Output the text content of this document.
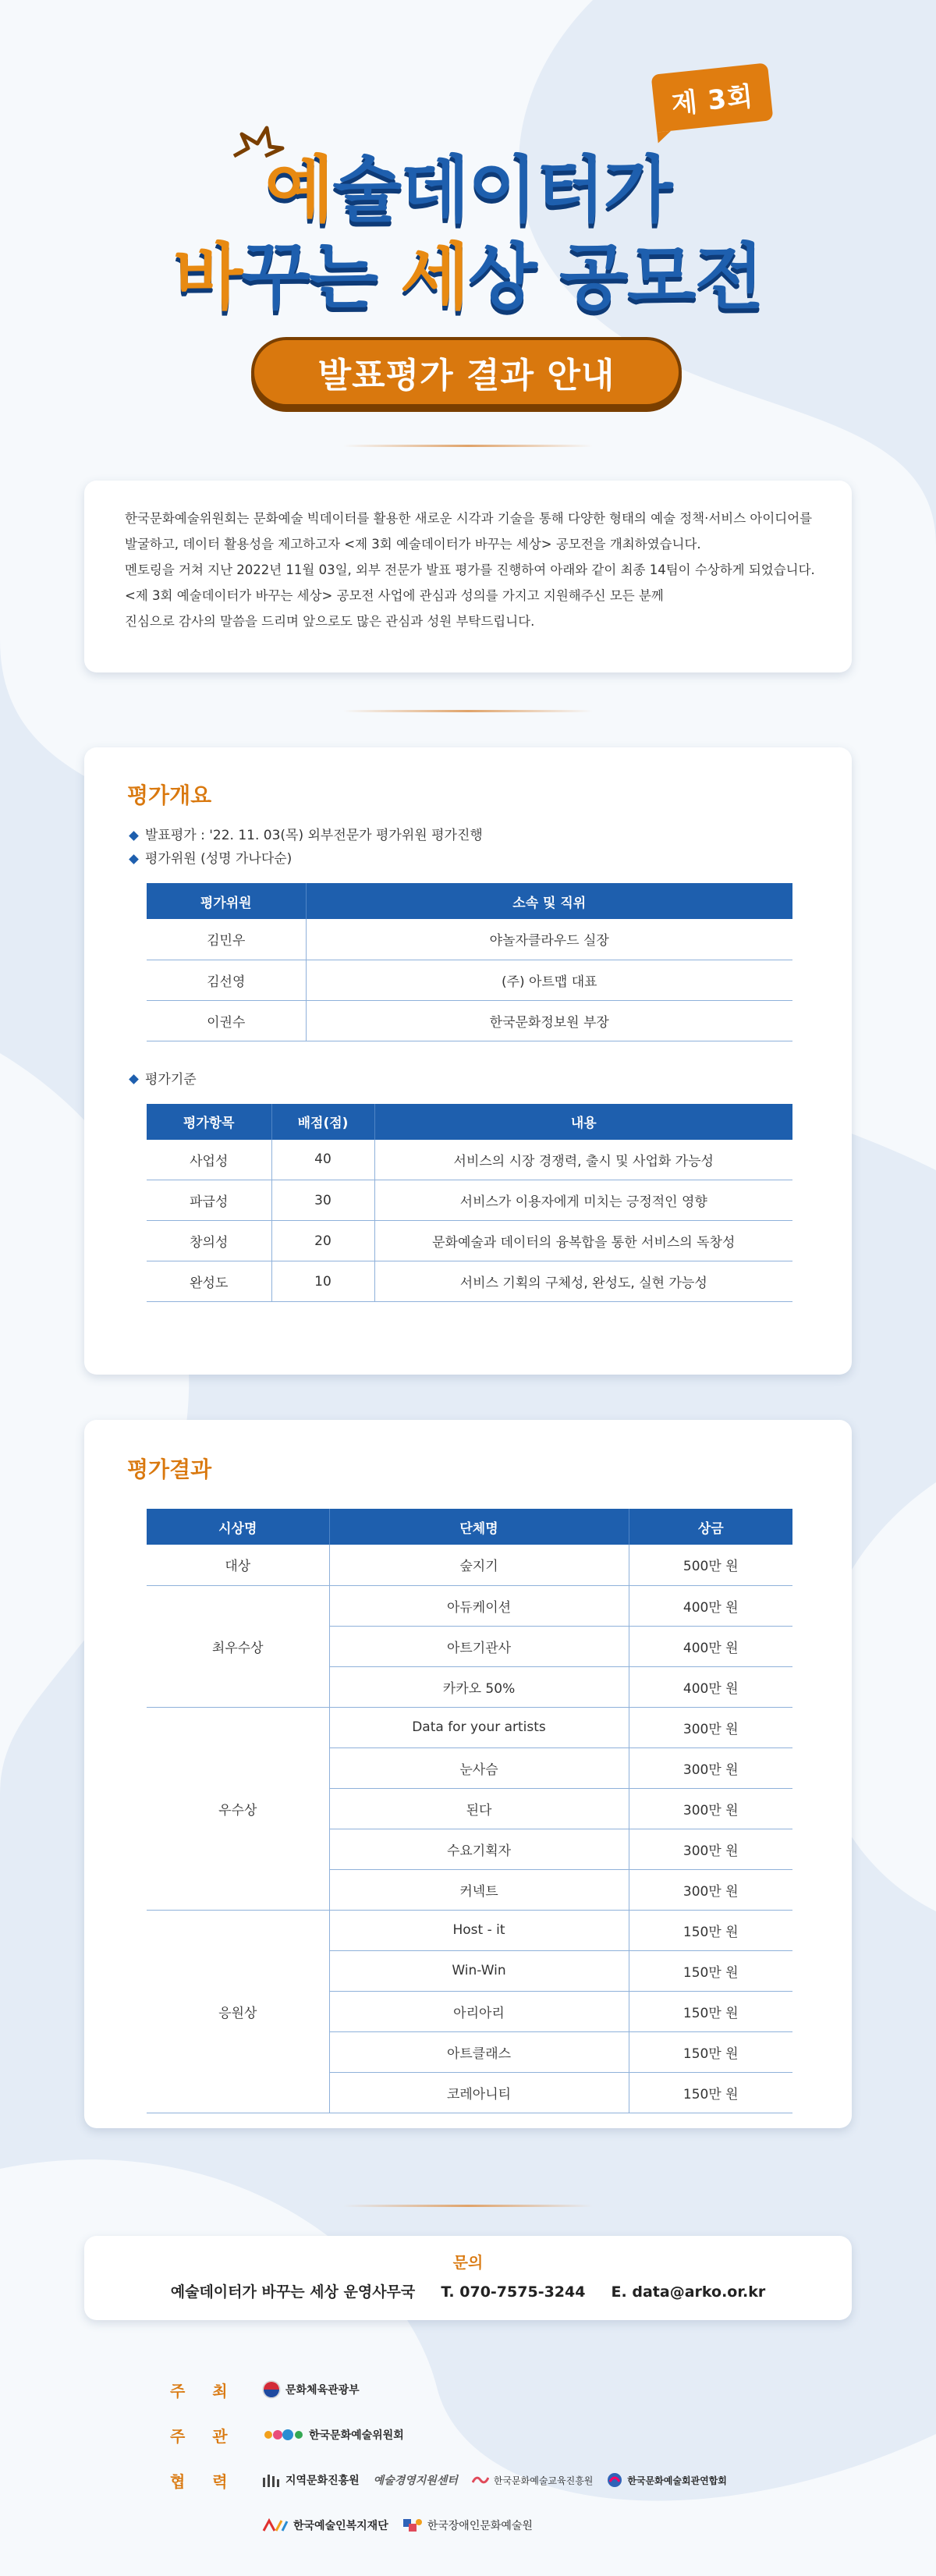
제 3회
예술데이터가
바꾸는 세상 공모전
발표평가 결과 안내
한국문화예술위원회는 문화예술 빅데이터를 활용한 새로운 시각과 기술을 통해 다양한 형태의 예술 정책·서비스 아이디어를
발굴하고, 데이터 활용성을 제고하고자 <제 3회 예술데이터가 바꾸는 세상> 공모전을 개최하였습니다.
멘토링을 거쳐 지난 2022년 11월 03일, 외부 전문가 발표 평가를 진행하여 아래와 같이 최종 14팀이 수상하게 되었습니다.
<제 3회 예술데이터가 바꾸는 세상> 공모전 사업에 관심과 성의를 가지고 지원해주신 모든 분께
진심으로 감사의 말씀을 드리며 앞으로도 많은 관심과 성원 부탁드립니다.
평가개요
발표평가 : '22. 11. 03(목) 외부전문가 평가위원 평가진행
평가위원 (성명 가나다순)
평가위원	소속 및 직위
김민우	야놀자클라우드 실장
김선영	(주) 아트맵 대표
이권수	한국문화정보원 부장
평가기준
평가항목	배점(점)	내용
사업성	40	서비스의 시장 경쟁력, 출시 및 사업화 가능성
파급성	30	서비스가 이용자에게 미치는 긍정적인 영향
창의성	20	문화예술과 데이터의 융복합을 통한 서비스의 독창성
완성도	10	서비스 기획의 구체성, 완성도, 실현 가능성
평가결과
시상명	단체명	상금
대상	숲지기	500만 원
최우수상	아듀케이션	400만 원
	아트기관사	400만 원
	카카오 50%	400만 원
우수상	Data for your artists	300만 원
	눈사슴	300만 원
	된다	300만 원
	수요기획자	300만 원
	커넥트	300만 원
응원상	Host - it	150만 원
	Win-Win	150만 원
	아리아리	150만 원
	아트클래스	150만 원
	코레아니티	150만 원
문의
예술데이터가 바꾸는 세상 운영사무국 T. 070-7575-3244 E. data@arko.or.kr
주 최	문화체육관광부
주 관	한국문화예술위원회
협 력	지역문화진흥원 예술경영지원센터	한국문화예술교육진흥원	한국문화예술회관연합회
한국예술인복지재단	한국장애인문화예술원
